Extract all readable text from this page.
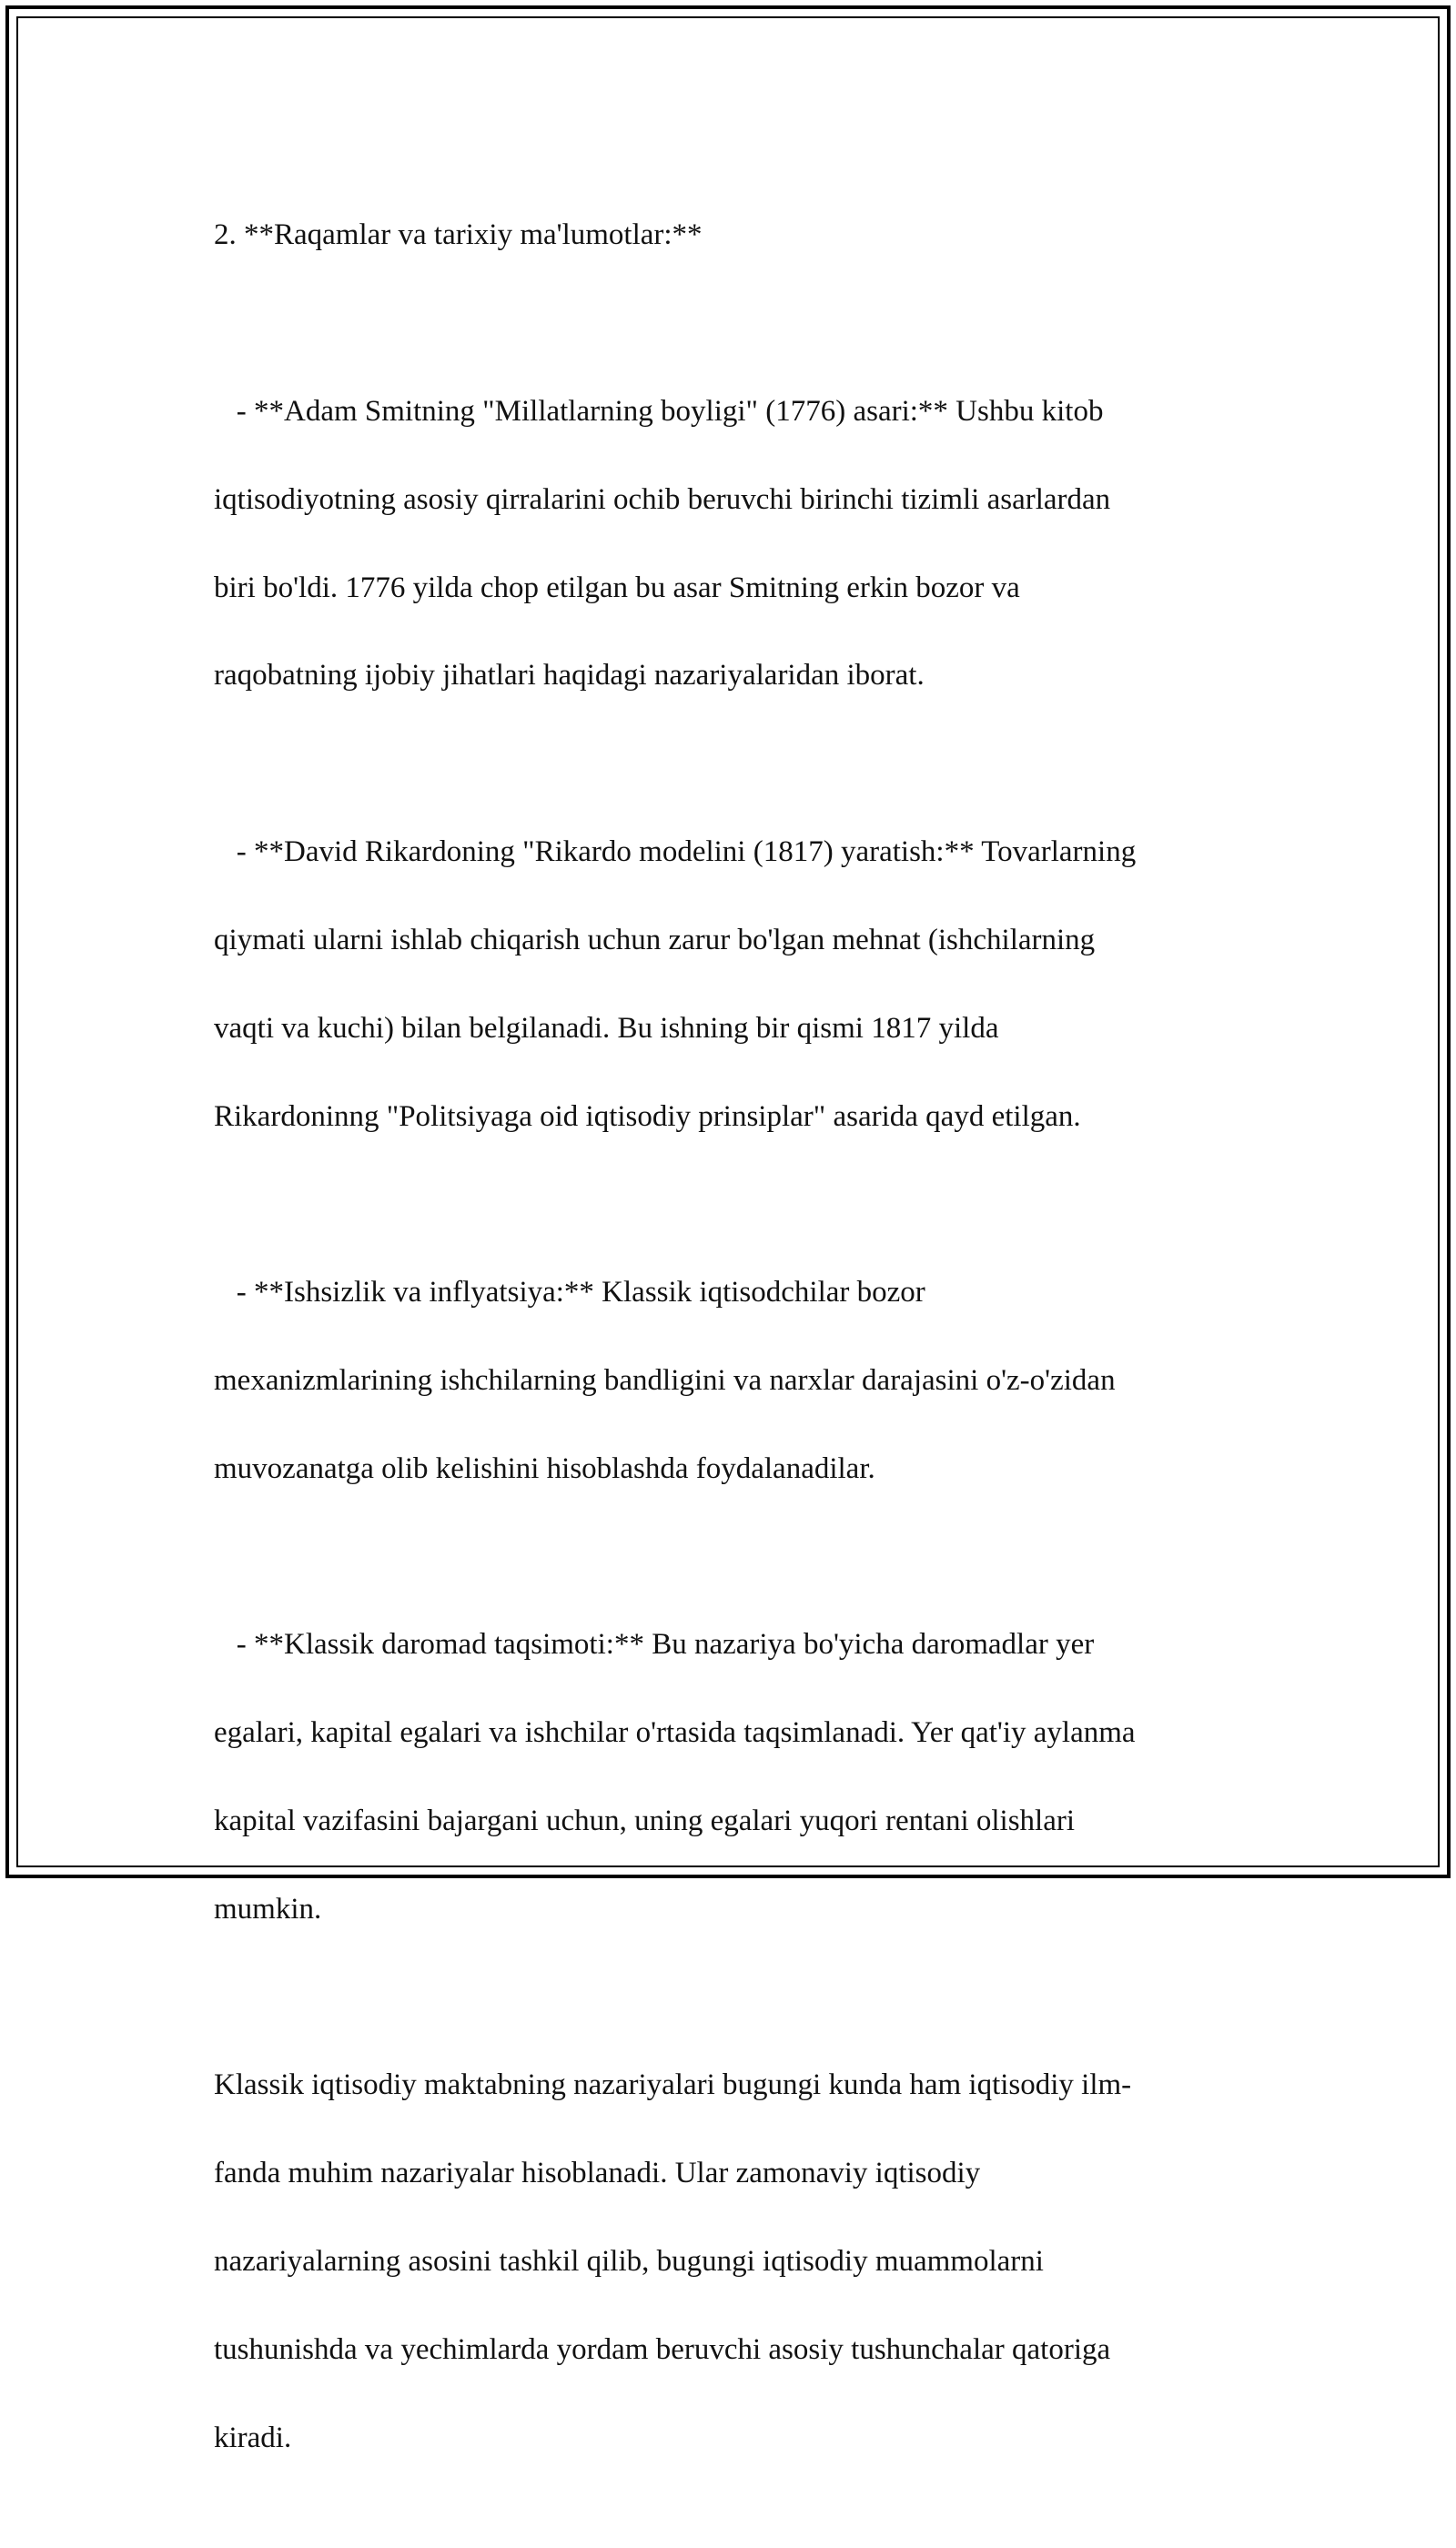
2. **Raqamlar va tarixiy ma'lumotlar:**

- **Adam Smitning "Millatlarning boyligi" (1776) asari:** Ushbu kitob

iqtisodiyotning asosiy qirralarini ochib beruvchi birinchi tizimli asarlardan

biri bo'ldi. 1776 yilda chop etilgan bu asar Smitning erkin bozor va

raqobatning ijobiy jihatlari haqidagi nazariyalaridan iborat.

- **David Rikardoning "Rikardo modelini (1817) yaratish:** Tovarlarning

qiymati ularni ishlab chiqarish uchun zarur bo'lgan mehnat (ishchilarning

vaqti va kuchi) bilan belgilanadi. Bu ishning bir qismi 1817 yilda

Rikardoninng "Politsiyaga oid iqtisodiy prinsiplar" asarida qayd etilgan.

- **Ishsizlik va inflyatsiya:** Klassik iqtisodchilar bozor

mexanizmlarining ishchilarning bandligini va narxlar darajasini o'z-o'zidan

muvozanatga olib kelishini hisoblashda foydalanadilar.

- **Klassik daromad taqsimoti:** Bu nazariya bo'yicha daromadlar yer

egalari, kapital egalari va ishchilar o'rtasida taqsimlanadi. Yer qat'iy aylanma

kapital vazifasini bajargani uchun, uning egalari yuqori rentani olishlari

mumkin.

Klassik iqtisodiy maktabning nazariyalari bugungi kunda ham iqtisodiy ilm-

fanda muhim nazariyalar hisoblanadi. Ular zamonaviy iqtisodiy

nazariyalarning asosini tashkil qilib, bugungi iqtisodiy muammolarni

tushunishda va yechimlarda yordam beruvchi asosiy tushunchalar qatoriga

kiradi.
